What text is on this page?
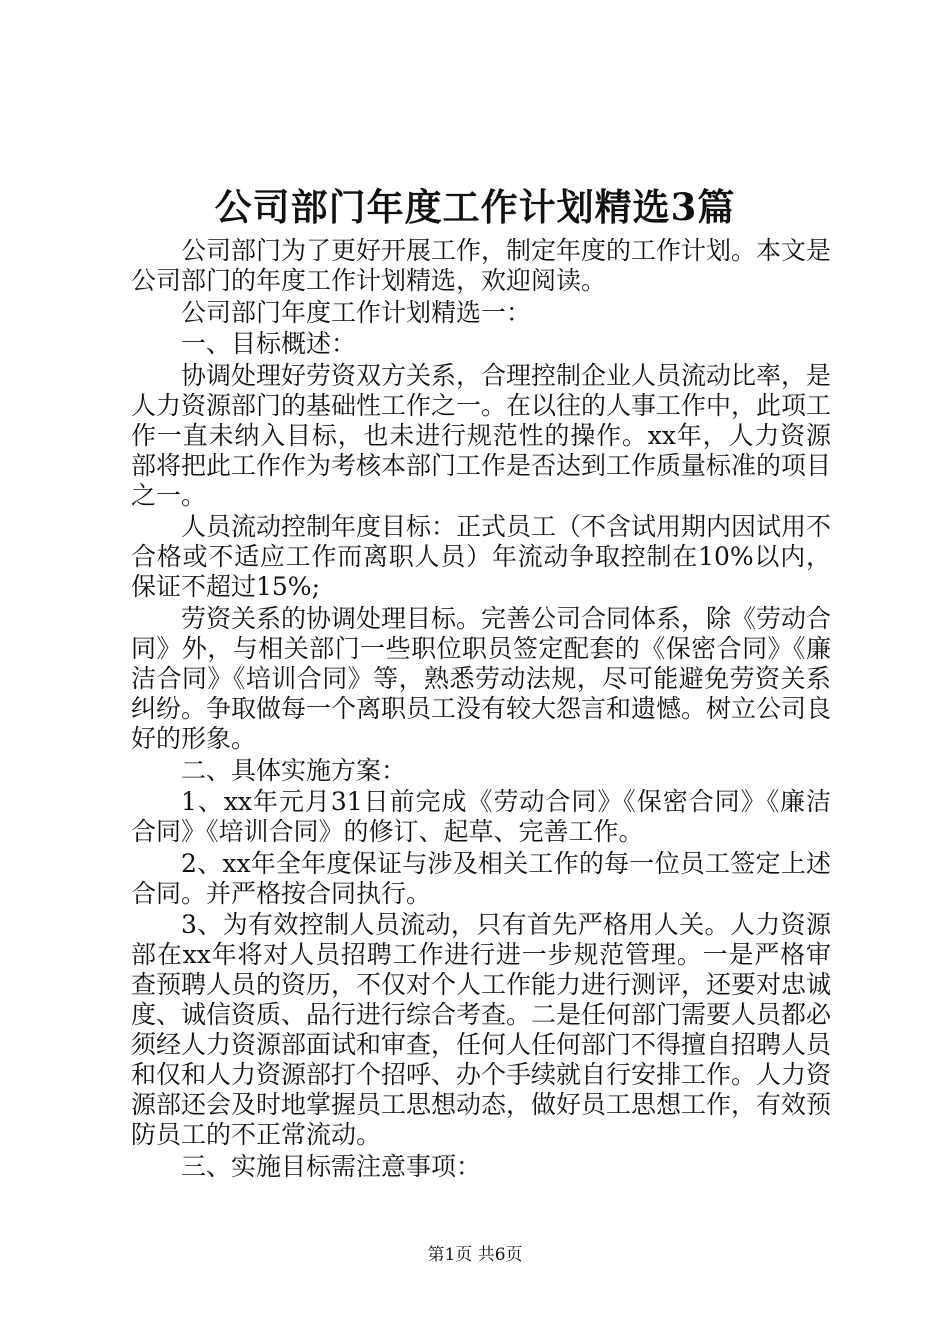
公司部门年度工作计划精选3篇

公司部门为了更好开展工作，制定年度的工作计划。本文是公司部门的年度工作计划精选，欢迎阅读。

公司部门年度工作计划精选一：

一、目标概述：

协调处理好劳资双方关系，合理控制企业人员流动比率，是人力资源部门的基础性工作之一。在以往的人事工作中，此项工作一直未纳入目标，也未进行规范性的操作。xx年，人力资源部将把此工作作为考核本部门工作是否达到工作质量标准的项目之一。

人员流动控制年度目标：正式员工（不含试用期内因试用不合格或不适应工作而离职人员）年流动争取控制在10%以内，保证不超过15%;

劳资关系的协调处理目标。完善公司合同体系，除《劳动合同》外，与相关部门一些职位职员签定配套的《保密合同》《廉洁合同》《培训合同》等，熟悉劳动法规，尽可能避免劳资关系纠纷。争取做每一个离职员工没有较大怨言和遗憾。树立公司良好的形象。

二、具体实施方案：

1、xx年元月31日前完成《劳动合同》《保密合同》《廉洁合同》《培训合同》的修订、起草、完善工作。

2、xx年全年度保证与涉及相关工作的每一位员工签定上述合同。并严格按合同执行。

3、为有效控制人员流动，只有首先严格用人关。人力资源部在xx年将对人员招聘工作进行进一步规范管理。一是严格审查预聘人员的资历，不仅对个人工作能力进行测评，还要对忠诚度、诚信资质、品行进行综合考查。二是任何部门需要人员都必须经人力资源部面试和审查，任何人任何部门不得擅自招聘人员和仅和人力资源部打个招呼、办个手续就自行安排工作。人力资源部还会及时地掌握员工思想动态，做好员工思想工作，有效预防员工的不正常流动。

三、实施目标需注意事项：

第1页 共6页
